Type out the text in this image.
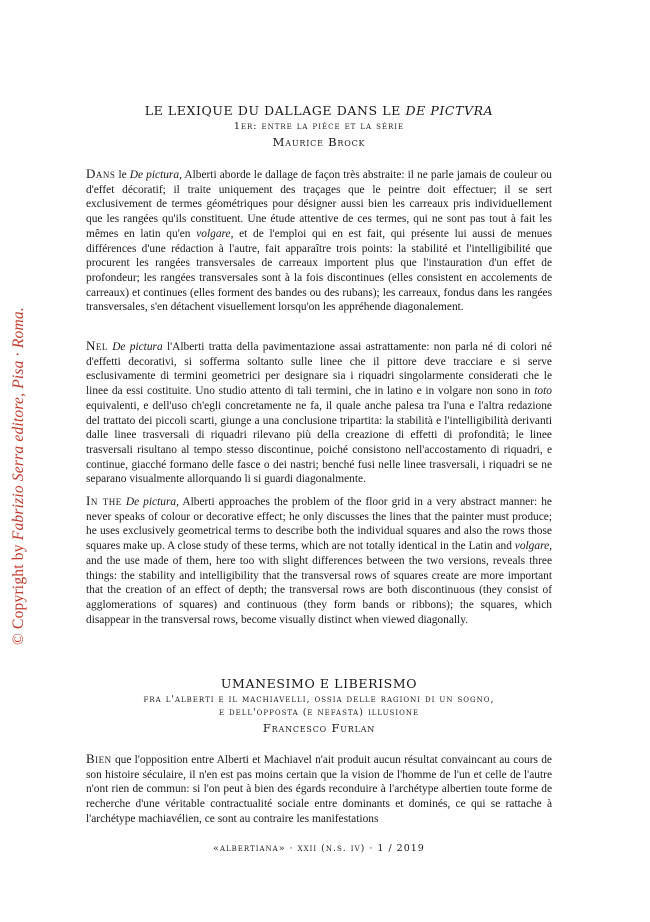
© Copyright by Fabrizio Serra editore, Pisa · Roma.
LE LEXIQUE DU DALLAGE DANS LE DE PICTVRA
1er: entre la pièce et la série
Maurice Brock
Dans le De pictura, Alberti aborde le dallage de façon très abstraite: il ne parle jamais de couleur ou d'effet décoratif; il traite uniquement des traçages que le peintre doit effectuer; il se sert exclusivement de termes géométriques pour désigner aussi bien les carreaux pris individuellement que les rangées qu'ils constituent. Une étude attentive de ces termes, qui ne sont pas tout à fait les mêmes en latin qu'en volgare, et de l'emploi qui en est fait, qui présente lui aussi de menues différences d'une rédaction à l'autre, fait apparaître trois points: la stabilité et l'intelligibilité que procurent les rangées transversales de carreaux importent plus que l'instauration d'un effet de profondeur; les rangées transversales sont à la fois discontinues (elles consistent en accolements de carreaux) et continues (elles forment des bandes ou des rubans); les carreaux, fondus dans les rangées transversales, s'en détachent visuellement lorsqu'on les appréhende diagonalement.
Nel De pictura l'Alberti tratta della pavimentazione assai astrattamente: non parla né di colori né d'effetti decorativi, si soffermа soltanto sulle linee che il pittore deve tracciare e si serve esclusivamente di termini geometrici per designare sia i riquadri singolarmente considerati che le linee da essi costituite. Uno studio attento di tali termini, che in latino e in volgare non sono in toto equivalenti, e dell'uso ch'egli concretamente ne fa, il quale anche palesa tra l'una e l'altra redazione del trattato dei piccoli scarti, giunge a una conclusione tripartita: la stabilità e l'intelligibilità derivanti dalle linee trasversali di riquadri rilevano più della creazione di effetti di profondità; le linee trasversali risultano al tempo stesso discontinue, poiché consistono nell'accostamento di riquadri, e continue, giacché formano delle fasce o dei nastri; benché fusi nelle linee trasversali, i riquadri se ne separano visualmente allorquando li si guardi diagonalmente.
In the De pictura, Alberti approaches the problem of the floor grid in a very abstract manner: he never speaks of colour or decorative effect; he only discusses the lines that the painter must produce; he uses exclusively geometrical terms to describe both the individual squares and also the rows those squares make up. A close study of these terms, which are not totally identical in the Latin and volgare, and the use made of them, here too with slight differences between the two versions, reveals three things: the stability and intelligibility that the transversal rows of squares create are more important that the creation of an effect of depth; the transversal rows are both discontinuous (they consist of agglomerations of squares) and continuous (they form bands or ribbons); the squares, which disappear in the transversal rows, become visually distinct when viewed diagonally.
UMANESIMO E LIBERISMO
fra l'alberti e il machiavelli, ossia delle ragioni di un sogno,
e dell'opposta (e nefasta) illusione
Francesco Furlan
Bien que l'opposition entre Alberti et Machiavel n'ait produit aucun résultat convaincant au cours de son histoire séculaire, il n'en est pas moins certain que la vision de l'homme de l'un et celle de l'autre n'ont rien de commun: si l'on peut à bien des égards reconduire à l'archétype albertien toute forme de recherche d'une véritable contractualité sociale entre dominants et dominés, ce qui se rattache à l'archétype machiavélien, ce sont au contraire les manifestations
«albertiana» · xxii (n.s. iv) · 1 / 2019
